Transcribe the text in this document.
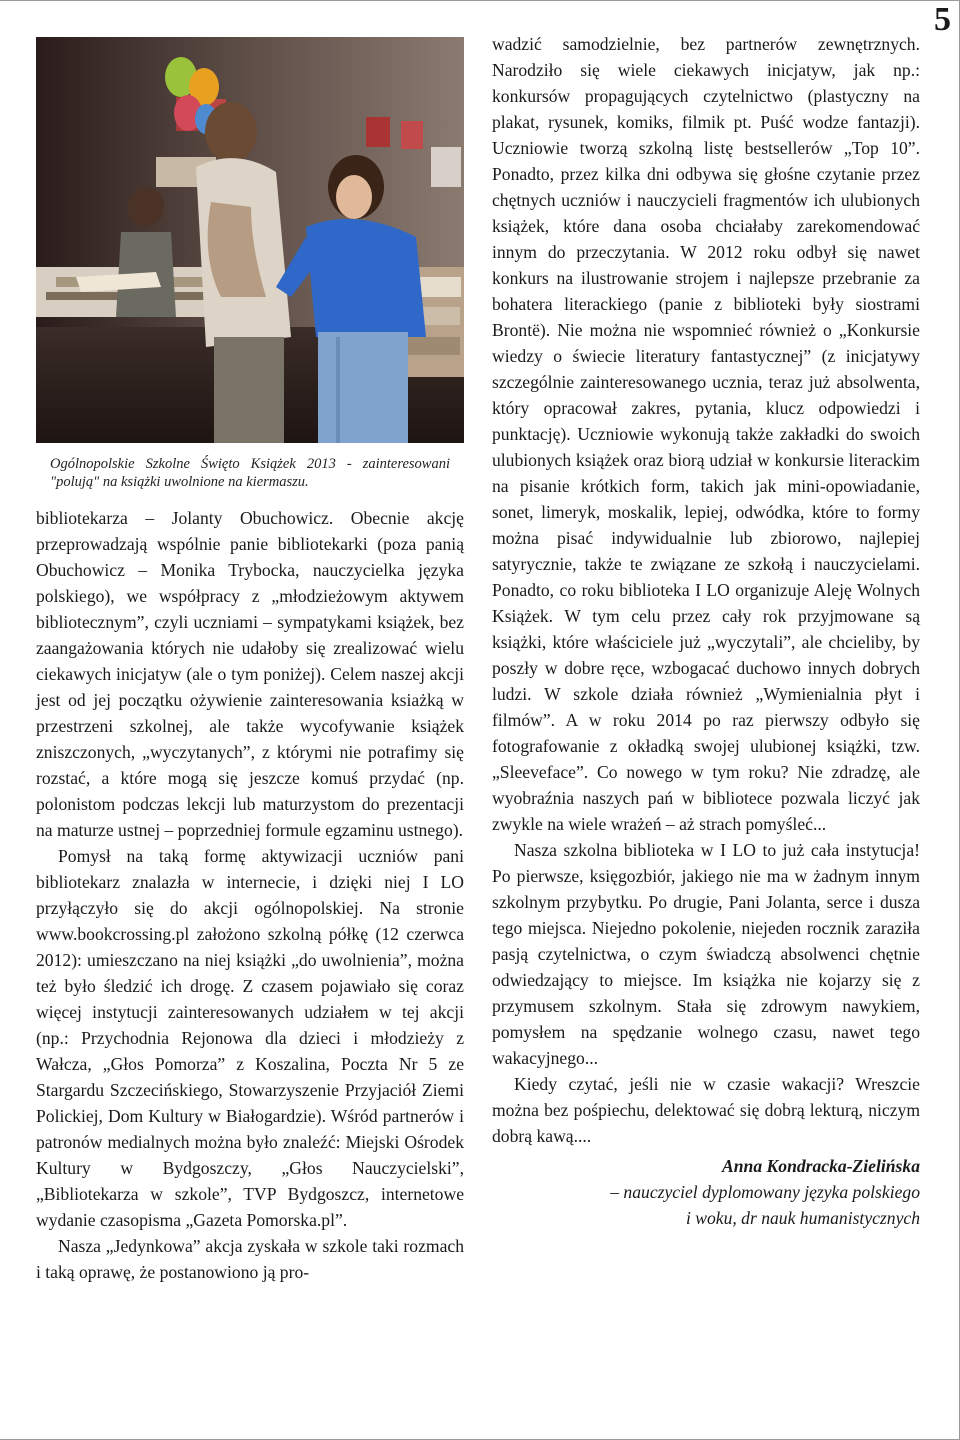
5
Ogólnopolskie Szkolne Święto Książek 2013 - zainteresowani "polują" na książki uwolnione na kiermaszu.

bibliotekarza – Jolanty Obuchowicz. Obecnie akcję przeprowadzają wspólnie panie bibliotekarki (poza panią Obuchowicz – Monika Trybocka, nauczycielka języka polskiego), we współpracy z „młodzieżowym aktywem bibliotecznym”, czyli uczniami – sympatykami książek, bez zaangażowania których nie udałoby się zrealizować wielu ciekawych inicjatyw (ale o tym poniżej). Celem naszej akcji jest od jej początku ożywienie zainteresowania ksiażką w przestrzeni szkolnej, ale także wycofywanie książek zniszczonych, „wyczytanych”, z którymi nie potrafimy się rozstać, a które mogą się jeszcze komuś przydać (np. polonistom podczas lekcji lub maturzystom do prezentacji na maturze ustnej – poprzedniej formule egzaminu ustnego).

Pomysł na taką formę aktywizacji uczniów pani bibliotekarz znalazła w internecie, i dzięki niej I LO przyłączyło się do akcji ogólnopolskiej. Na stronie www.bookcrossing.pl założono szkolną półkę (12 czerwca 2012): umieszczano na niej książki „do uwolnienia”, można też było śledzić ich drogę. Z czasem pojawiało się coraz więcej instytucji zainteresowanych udziałem w tej akcji (np.: Przychodnia Rejonowa dla dzieci i młodzieży z Wałcza, „Głos Pomorza” z Koszalina, Poczta Nr 5 ze Stargardu Szczecińskiego, Stowarzyszenie Przyjaciół Ziemi Polickiej, Dom Kultury w Białogardzie). Wśród partnerów i patronów medialnych można było znaleźć: Miejski Ośrodek Kultury w Bydgoszczy, „Głos Nauczycielski”, „Bibliotekarza w szkole”, TVP Bydgoszcz, internetowe wydanie czasopisma „Gazeta Pomorska.pl”.

Nasza „Jedynkowa” akcja zyskała w szkole taki rozmach i taką oprawę, że postanowiono ją pro-

wadzić samodzielnie, bez partnerów zewnętrznych. Narodziło się wiele ciekawych inicjatyw, jak np.: konkursów propagujących czytelnictwo (plastyczny na plakat, rysunek, komiks, filmik pt. Puść wodze fantazji). Uczniowie tworzą szkolną listę bestsellerów „Top 10”. Ponadto, przez kilka dni odbywa się głośne czytanie przez chętnych uczniów i nauczycieli fragmentów ich ulubionych książek, które dana osoba chciałaby zarekomendować innym do przeczytania. W 2012 roku odbył się nawet konkurs na ilustrowanie strojem i najlepsze przebranie za bohatera literackiego (panie z biblioteki były siostrami Brontë). Nie można nie wspomnieć również o „Konkursie wiedzy o świecie literatury fantastycznej” (z inicjatywy szczególnie zainteresowanego ucznia, teraz już absolwenta, który opracował zakres, pytania, klucz odpowiedzi i punktację). Uczniowie wykonują także zakładki do swoich ulubionych książek oraz biorą udział w konkursie literackim na pisanie krótkich form, takich jak mini-opowiadanie, sonet, limeryk, moskalik, lepiej, odwódka, które to formy można pisać indywidualnie lub zbiorowo, najlepiej satyrycznie, także te związane ze szkołą i nauczycielami. Ponadto, co roku biblioteka I LO organizuje Aleję Wolnych Książek. W tym celu przez cały rok przyjmowane są książki, które właściciele już „wyczytali”, ale chcieliby, by poszły w dobre ręce, wzbogacać duchowo innych dobrych ludzi. W szkole działa również „Wymienialnia płyt i filmów”. A w roku 2014 po raz pierwszy odbyło się fotografowanie z okładką swojej ulubionej książki, tzw. „Sleeveface”. Co nowego w tym roku? Nie zdradzę, ale wyobraźnia naszych pań w bibliotece pozwala liczyć jak zwykle na wiele wrażeń – aż strach pomyśleć...

Nasza szkolna biblioteka w I LO to już cała instytucja! Po pierwsze, księgozbiór, jakiego nie ma w żadnym innym szkolnym przybytku. Po drugie, Pani Jolanta, serce i dusza tego miejsca. Niejedno pokolenie, niejeden rocznik zaraziła pasją czytelnictwa, o czym świadczą absolwenci chętnie odwiedzający to miejsce. Im książka nie kojarzy się z przymusem szkolnym. Stała się zdrowym nawykiem, pomysłem na spędzanie wolnego czasu, nawet tego wakacyjnego...

Kiedy czytać, jeśli nie w czasie wakacji? Wreszcie można bez pośpiechu, delektować się dobrą lekturą, niczym dobrą kawą....

Anna Kondracka-Zielińska
– nauczyciel dyplomowany języka polskiego
i woku, dr nauk humanistycznych
